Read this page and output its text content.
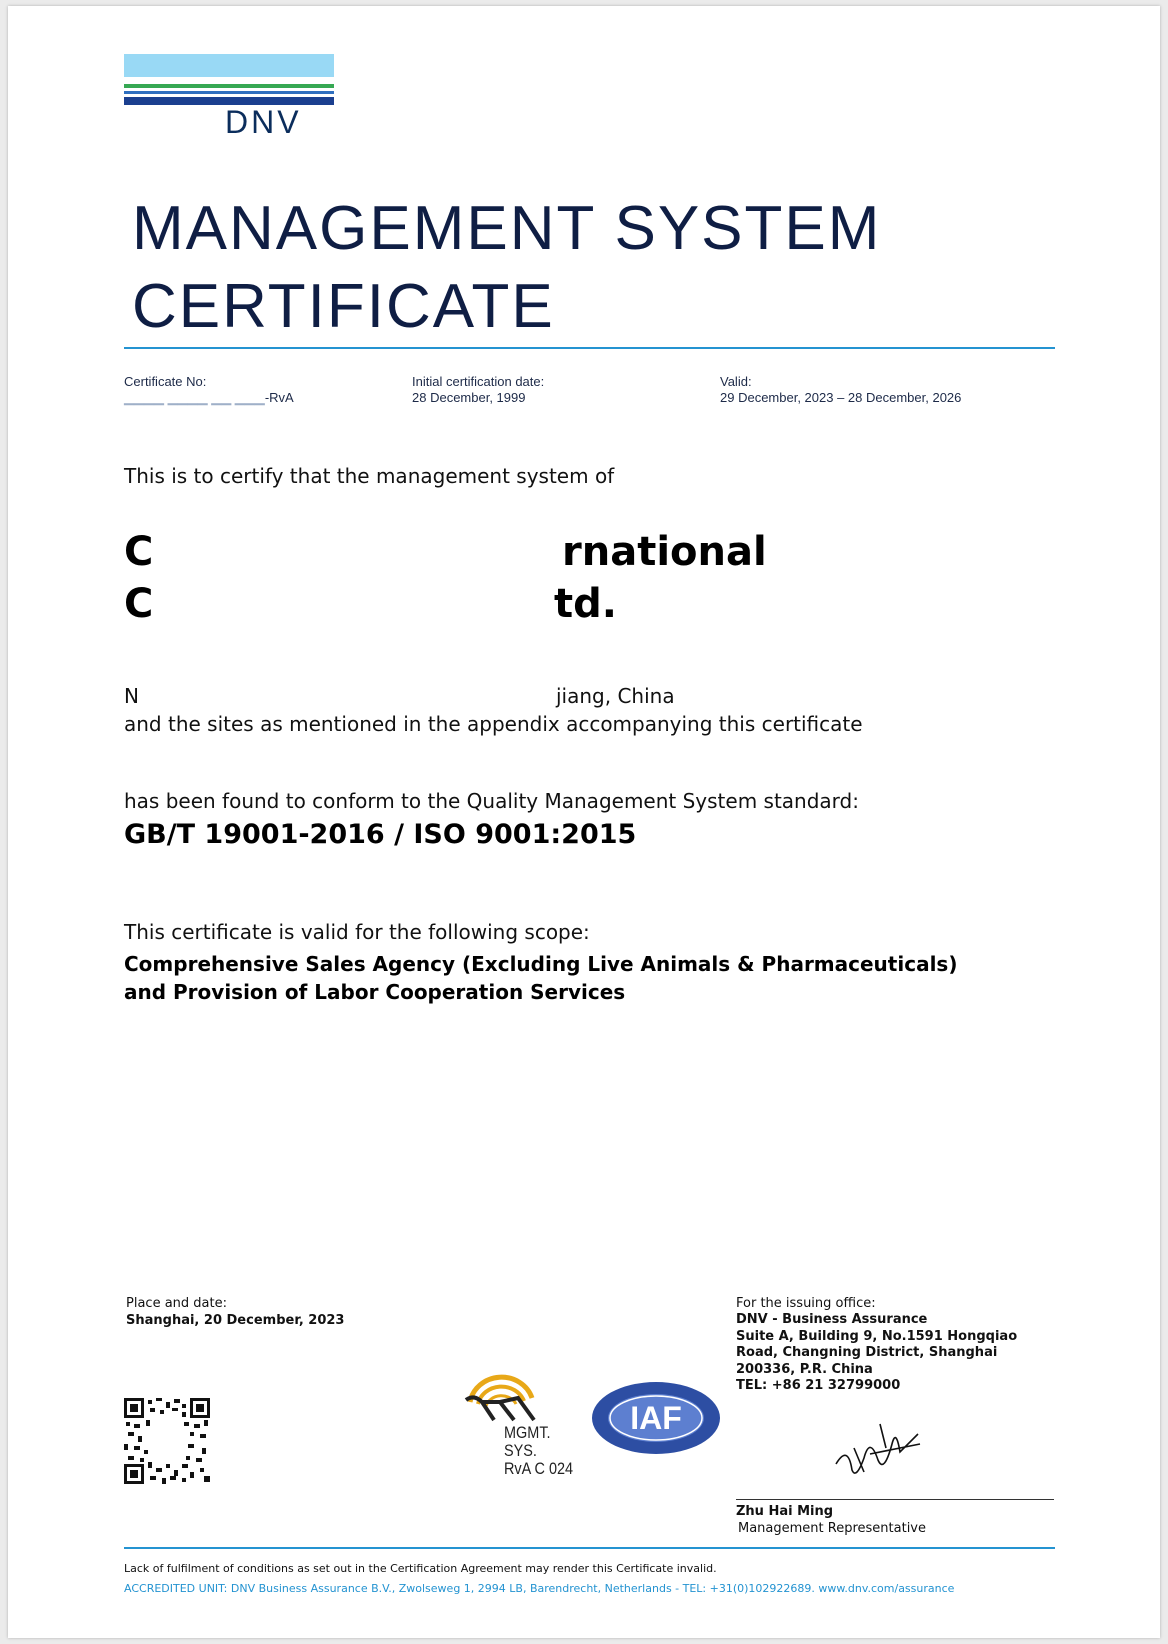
DNV
MANAGEMENT SYSTEM
CERTIFICATE
Certificate No:
▁▁▁▁ ▁▁▁▁ ▁▁ ▁▁▁-RvA
Initial certification date:
28 December, 1999
Valid:
29 December, 2023 – 28 December, 2026
This is to certify that the management system of
C	rnational
C	td.
N	jiang, China
and the sites as mentioned in the appendix accompanying this certificate
has been found to conform to the Quality Management System standard:
GB/T 19001-2016 / ISO 9001:2015
This certificate is valid for the following scope:
Comprehensive Sales Agency (Excluding Live Animals & Pharmaceuticals)
and Provision of Labor Cooperation Services
Place and date:
Shanghai, 20 December, 2023
For the issuing office:
DNV - Business Assurance
Suite A, Building 9, No.1591 Hongqiao
Road, Changning District, Shanghai
200336, P.R. China
TEL: +86 21 32799000
MGMT. SYS.
RvA C 024
IAF
Zhu Hai Ming
Management Representative
Lack of fulfilment of conditions as set out in the Certification Agreement may render this Certificate invalid.
ACCREDITED UNIT: DNV Business Assurance B.V., Zwolseweg 1, 2994 LB, Barendrecht, Netherlands - TEL: +31(0)102922689. www.dnv.com/assurance
